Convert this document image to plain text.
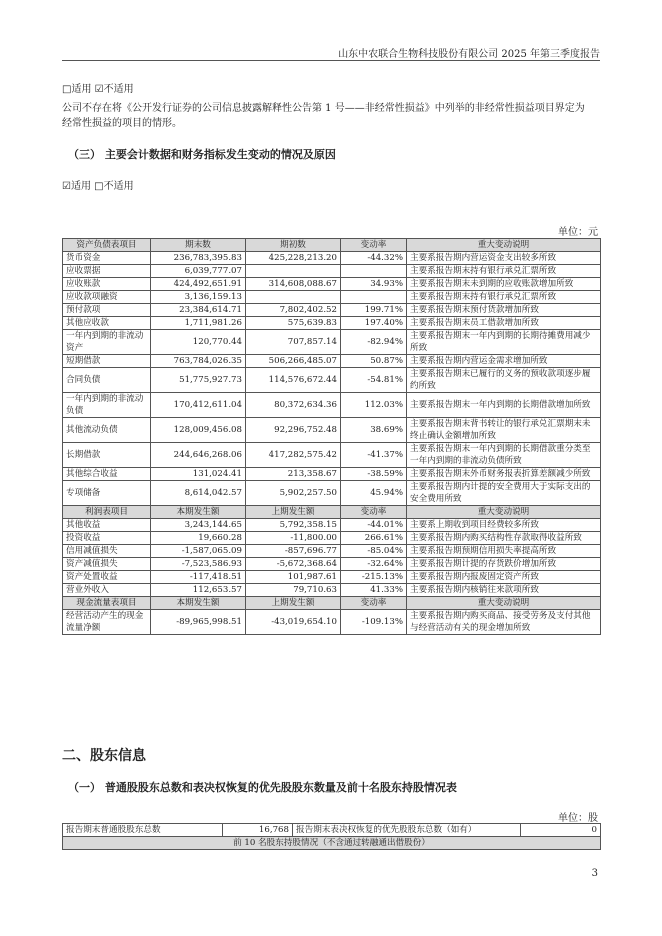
山东中农联合生物科技股份有限公司 2025 年第三季度报告
□适用 ☑不适用
公司不存在将《公开发行证券的公司信息披露解释性公告第 1 号——非经常性损益》中列举的非经常性损益项目界定为
经常性损益的项目的情形。
（三） 主要会计数据和财务指标发生变动的情况及原因
☑适用 □不适用
单位：元
资产负债表项目	期末数	期初数	变动率	重大变动说明
货币资金	236,783,395.83	425,228,213.20	-44.32%	主要系报告期内营运资金支出较多所致
应收票据	6,039,777.07			主要系报告期末持有银行承兑汇票所致
应收账款	424,492,651.91	314,608,088.67	34.93%	主要系报告期末未到期的应收账款增加所致
应收款项融资	3,136,159.13			主要系报告期末持有银行承兑汇票所致
预付款项	23,384,614.71	7,802,402.52	199.71%	主要系报告期末预付货款增加所致
其他应收款	1,711,981.26	575,639.83	197.40%	主要系报告期末员工借款增加所致
一年内到期的非流动资产	120,770.44	707,857.14	-82.94%	主要系报告期末一年内到期的长期待摊费用减少所致
短期借款	763,784,026.35	506,266,485.07	50.87%	主要系报告期内营运金需求增加所致
合同负债	51,775,927.73	114,576,672.44	-54.81%	主要系报告期末已履行的义务的预收款项逐步履约所致
一年内到期的非流动负债	170,412,611.04	80,372,634.36	112.03%	主要系报告期末一年内到期的长期借款增加所致
其他流动负债	128,009,456.08	92,296,752.48	38.69%	主要系报告期末背书转让的银行承兑汇票期末未终止确认金额增加所致
长期借款	244,646,268.06	417,282,575.42	-41.37%	主要系报告期末一年内到期的长期借款重分类至一年内到期的非流动负债所致
其他综合收益	131,024.41	213,358.67	-38.59%	主要系报告期末外币财务报表折算差额减少所致
专项储备	8,614,042.57	5,902,257.50	45.94%	主要系报告期内计提的安全费用大于实际支出的安全费用所致
利润表项目	本期发生额	上期发生额	变动率	重大变动说明
其他收益	3,243,144.65	5,792,358.15	-44.01%	主要系上期收到项目经费较多所致
投资收益	19,660.28	-11,800.00	266.61%	主要系报告期内购买结构性存款取得收益所致
信用减值损失	-1,587,065.09	-857,696.77	-85.04%	主要系报告期预期信用损失率提高所致
资产减值损失	-7,523,586.93	-5,672,368.64	-32.64%	主要系报告期计提的存货跌价增加所致
资产处置收益	-117,418.51	101,987.61	-215.13%	主要系报告期内报废固定资产所致
营业外收入	112,653.57	79,710.63	41.33%	主要系报告期内核销往来款项所致
现金流量表项目	本期发生额	上期发生额	变动率	重大变动说明
经营活动产生的现金流量净额	-89,965,998.51	-43,019,654.10	-109.13%	主要系报告期内购买商品、接受劳务及支付其他与经营活动有关的现金增加所致
二、股东信息
（一） 普通股股东总数和表决权恢复的优先股股东数量及前十名股东持股情况表
单位：股
报告期末普通股股东总数	16,768	报告期末表决权恢复的优先股股东总数（如有）	0
前 10 名股东持股情况（不含通过转融通出借股份）
3
